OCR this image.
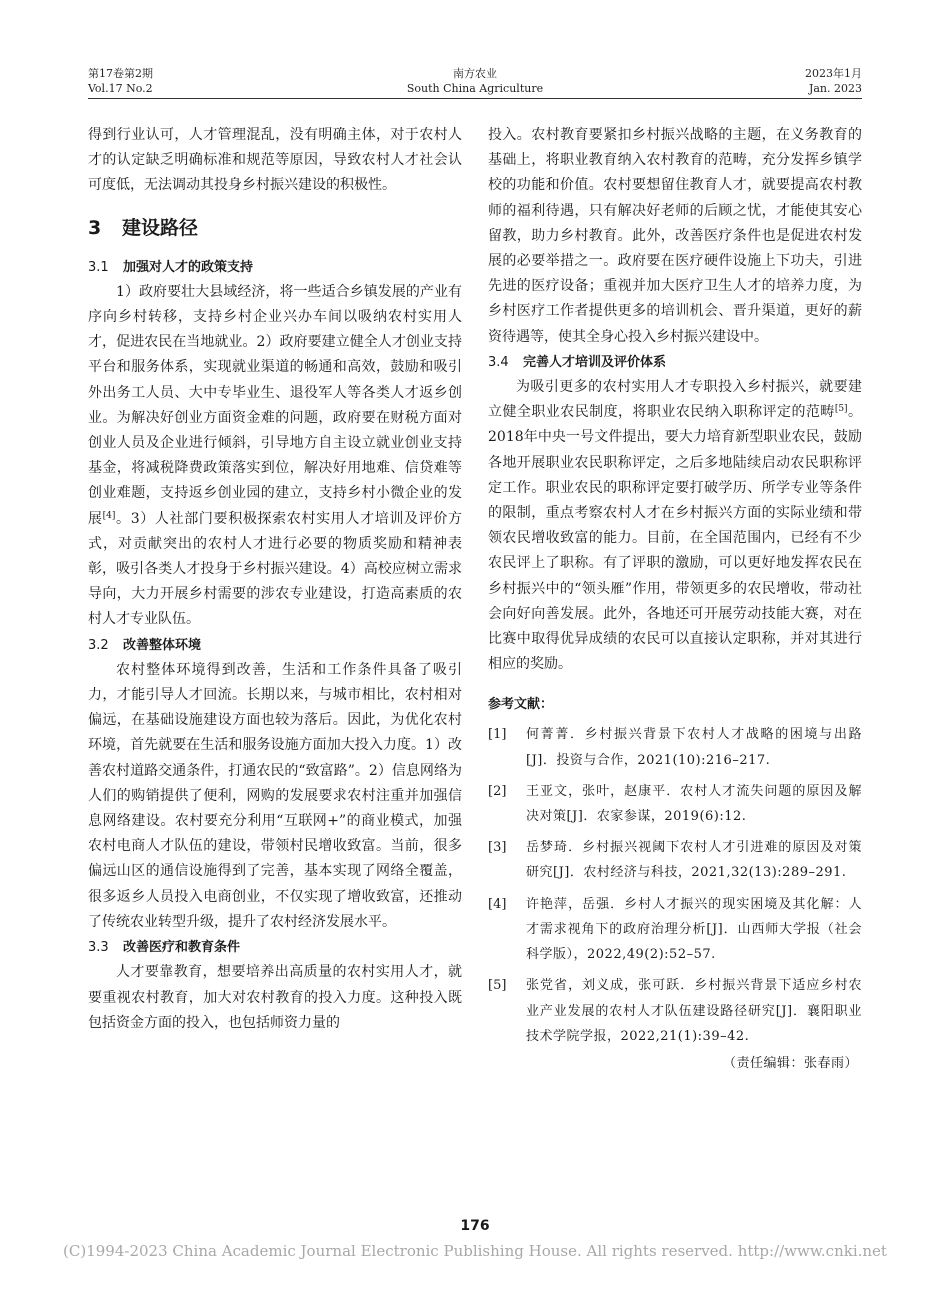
第17卷第2期
Vol.17 No.2
南方农业
South China Agriculture
2023年1月
Jan. 2023

得到行业认可，人才管理混乱，没有明确主体，对于农村人才的认定缺乏明确标准和规范等原因，导致农村人才社会认可度低，无法调动其投身乡村振兴建设的积极性。

3 建设路径
3.1 加强对人才的政策支持

1）政府要壮大县域经济，将一些适合乡镇发展的产业有序向乡村转移，支持乡村企业兴办车间以吸纳农村实用人才，促进农民在当地就业。2）政府要建立健全人才创业支持平台和服务体系，实现就业渠道的畅通和高效，鼓励和吸引外出务工人员、大中专毕业生、退役军人等各类人才返乡创业。为解决好创业方面资金难的问题，政府要在财税方面对创业人员及企业进行倾斜，引导地方自主设立就业创业支持基金，将减税降费政策落实到位，解决好用地难、信贷难等创业难题，支持返乡创业园的建立，支持乡村小微企业的发展[4]。3）人社部门要积极探索农村实用人才培训及评价方式，对贡献突出的农村人才进行必要的物质奖励和精神表彰，吸引各类人才投身于乡村振兴建设。4）高校应树立需求导向，大力开展乡村需要的涉农专业建设，打造高素质的农村人才专业队伍。

3.2 改善整体环境

农村整体环境得到改善，生活和工作条件具备了吸引力，才能引导人才回流。长期以来，与城市相比，农村相对偏远，在基础设施建设方面也较为落后。因此，为优化农村环境，首先就要在生活和服务设施方面加大投入力度。1）改善农村道路交通条件，打通农民的“致富路”。2）信息网络为人们的购销提供了便利，网购的发展要求农村注重并加强信息网络建设。农村要充分利用“互联网+”的商业模式，加强农村电商人才队伍的建设，带领村民增收致富。当前，很多偏远山区的通信设施得到了完善，基本实现了网络全覆盖，很多返乡人员投入电商创业，不仅实现了增收致富，还推动了传统农业转型升级，提升了农村经济发展水平。

3.3 改善医疗和教育条件

人才要靠教育，想要培养出高质量的农村实用人才，就要重视农村教育，加大对农村教育的投入力度。这种投入既包括资金方面的投入，也包括师资力量的

投入。农村教育要紧扣乡村振兴战略的主题，在义务教育的基础上，将职业教育纳入农村教育的范畴，充分发挥乡镇学校的功能和价值。农村要想留住教育人才，就要提高农村教师的福利待遇，只有解决好老师的后顾之忧，才能使其安心留教，助力乡村教育。此外，改善医疗条件也是促进农村发展的必要举措之一。政府要在医疗硬件设施上下功夫，引进先进的医疗设备；重视并加大医疗卫生人才的培养力度，为乡村医疗工作者提供更多的培训机会、晋升渠道，更好的薪资待遇等，使其全身心投入乡村振兴建设中。

3.4 完善人才培训及评价体系

为吸引更多的农村实用人才专职投入乡村振兴，就要建立健全职业农民制度，将职业农民纳入职称评定的范畴[5]。2018年中央一号文件提出，要大力培育新型职业农民，鼓励各地开展职业农民职称评定，之后多地陆续启动农民职称评定工作。职业农民的职称评定要打破学历、所学专业等条件的限制，重点考察农村人才在乡村振兴方面的实际业绩和带领农民增收致富的能力。目前，在全国范围内，已经有不少农民评上了职称。有了评职的激励，可以更好地发挥农民在乡村振兴中的“领头雁”作用，带领更多的农民增收，带动社会向好向善发展。此外，各地还可开展劳动技能大赛，对在比赛中取得优异成绩的农民可以直接认定职称，并对其进行相应的奖励。

参考文献：
[1]	何菁菁．乡村振兴背景下农村人才战略的困境与出路[J]．投资与合作，2021(10):216–217.
[2]	王亚文，张叶，赵康平．农村人才流失问题的原因及解决对策[J]．农家参谋，2019(6):12.
[3]	岳梦琦．乡村振兴视阈下农村人才引进难的原因及对策研究[J]．农村经济与科技，2021,32(13):289–291.
[4]	许艳萍，岳强．乡村人才振兴的现实困境及其化解：人才需求视角下的政府治理分析[J]．山西师大学报（社会科学版），2022,49(2):52–57.
[5]	张党省，刘义成，张可跃．乡村振兴背景下适应乡村农业产业发展的农村人才队伍建设路径研究[J]．襄阳职业技术学院学报，2022,21(1):39–42.
（责任编辑：张春雨）
176
(C)1994-2023 China Academic Journal Electronic Publishing House. All rights reserved. http://www.cnki.net
